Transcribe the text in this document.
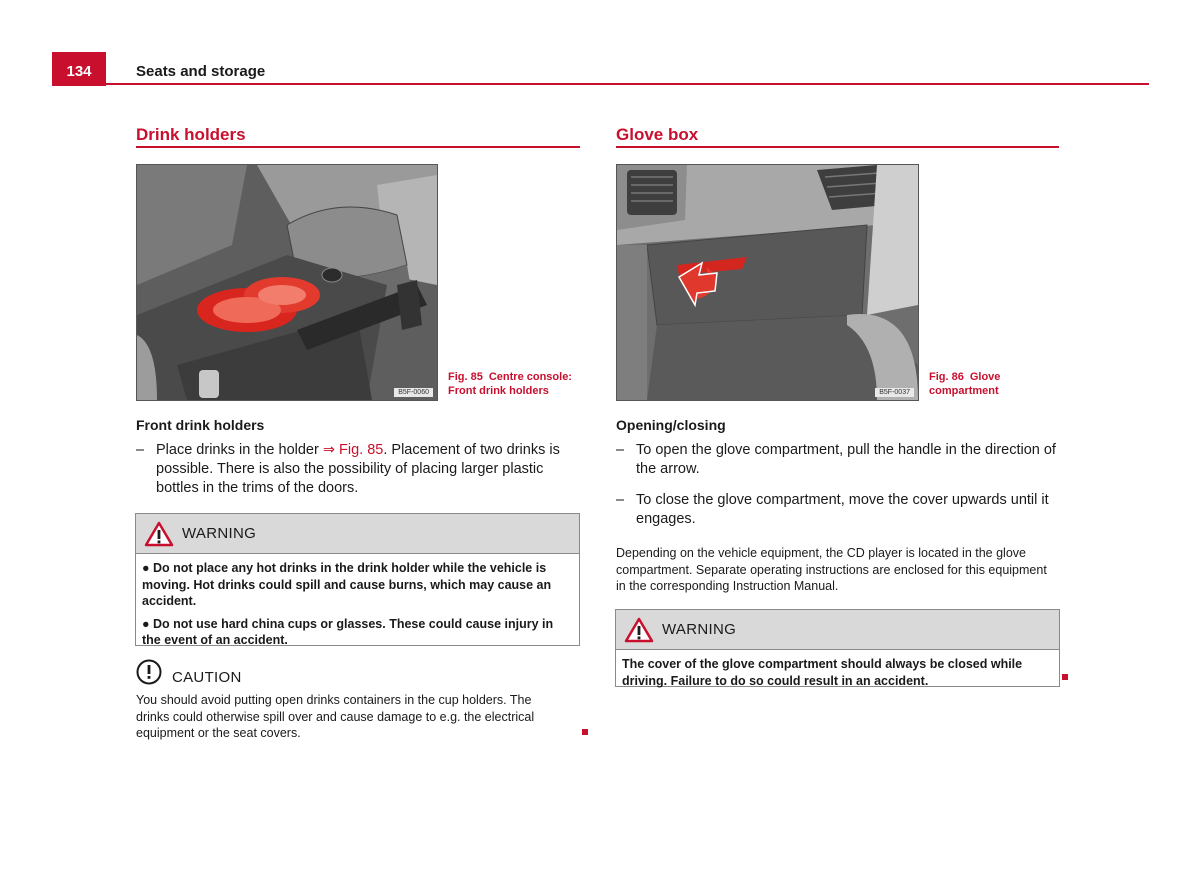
134	Seats and storage
Drink holders
B5F-0060
Fig. 85 Centre console: Front drink holders
Front drink holders
– Place drinks in the holder ⇒ Fig. 85. Placement of two drinks is possible. There is also the possibility of placing larger plastic bottles in the trims of the doors.
WARNING

● Do not place any hot drinks in the drink holder while the vehicle is moving. Hot drinks could spill and cause burns, which may cause an accident.

● Do not use hard china cups or glasses. These could cause injury in the event of an accident.

CAUTION
You should avoid putting open drinks containers in the cup holders. The drinks could otherwise spill over and cause damage to e.g. the electrical equipment or the seat covers.
Glove box
B5F-0037
Fig. 86 Glove compartment
Opening/closing
– To open the glove compartment, pull the handle in the direction of the arrow.
– To close the glove compartment, move the cover upwards until it engages.
Depending on the vehicle equipment, the CD player is located in the glove compartment. Separate operating instructions are enclosed for this equipment in the corresponding Instruction Manual.
WARNING

The cover of the glove compartment should always be closed while driving. Failure to do so could result in an accident.
